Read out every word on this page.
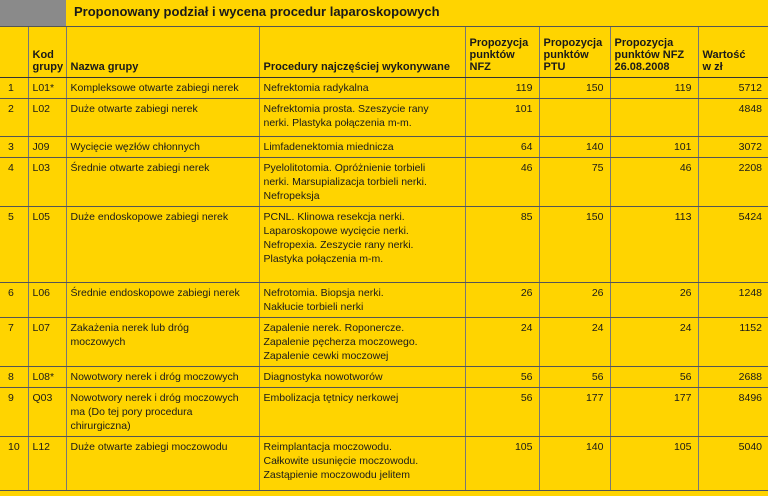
Proponowany podział i wycena procedur laparoskopowych
	Kod
grupy	Nazwa grupy	Procedury najczęściej wykonywane	Propozycja
punktów
NFZ	Propozycja
punktów
PTU	Propozycja
punktów NFZ
26.08.2008	Wartość
w zł
1	L01*	Kompleksowe otwarte zabiegi nerek	Nefrektomia radykalna	119	150	119	5712
2	L02	Duże otwarte zabiegi nerek	Nefrektomia prosta. Szeszycie rany
nerki. Plastyka połączenia m-m.	101			4848
3	J09	Wycięcie węzłów chłonnych	Limfadenektomia miednicza	64	140	101	3072
4	L03	Średnie otwarte zabiegi nerek	Pyelolitotomia. Opróżnienie torbieli
nerki. Marsupializacja torbieli nerki.
Nefropeksja	46	75	46	2208
5	L05	Duże endoskopowe zabiegi nerek	PCNL. Klinowa resekcja nerki.
Laparoskopowe wycięcie nerki.
Nefropexia. Zeszycie rany nerki.
Plastyka połączenia m-m.	85	150	113	5424
6	L06	Średnie endoskopowe zabiegi nerek	Nefrotomia. Biopsja nerki.
Nakłucie torbieli nerki	26	26	26	1248
7	L07	Zakażenia nerek lub dróg
moczowych	Zapalenie nerek. Roponercze.
Zapalenie pęcherza moczowego.
Zapalenie cewki moczowej	24	24	24	1152
8	L08*	Nowotwory nerek i dróg moczowych	Diagnostyka nowotworów	56	56	56	2688
9	Q03	Nowotwory nerek i dróg moczowych
ma (Do tej pory procedura
chirurgiczna)	Embolizacja tętnicy nerkowej	56	177	177	8496
10	L12	Duże otwarte zabiegi moczowodu	Reimplantacja moczowodu.
Całkowite usunięcie moczowodu.
Zastąpienie moczowodu jelitem	105	140	105	5040
